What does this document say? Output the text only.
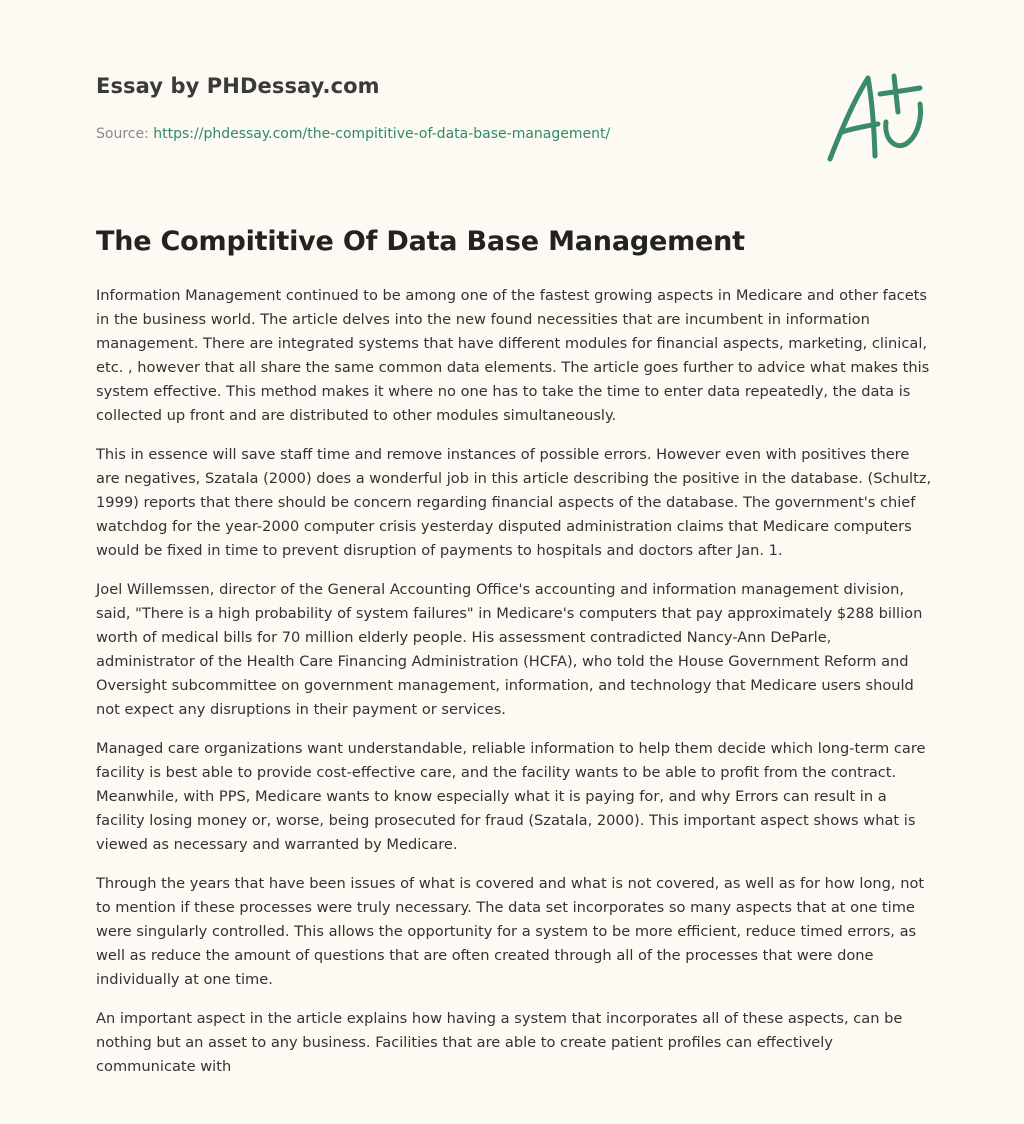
Essay by PHDessay.com
Source: https://phdessay.com/the-compititive-of-data-base-management/
The Compititive Of Data Base Management

Information Management continued to be among one of the fastest growing aspects in Medicare and other facets in the business world. The article delves into the new found necessities that are incumbent in information management. There are integrated systems that have different modules for financial aspects, marketing, clinical, etc. , however that all share the same common data elements. The article goes further to advice what makes this system effective. This method makes it where no one has to take the time to enter data repeatedly, the data is collected up front and are distributed to other modules simultaneously.

This in essence will save staff time and remove instances of possible errors. However even with positives there are negatives, Szatala (2000) does a wonderful job in this article describing the positive in the database. (Schultz, 1999) reports that there should be concern regarding financial aspects of the database. The government's chief watchdog for the year-2000 computer crisis yesterday disputed administration claims that Medicare computers would be fixed in time to prevent disruption of payments to hospitals and doctors after Jan. 1.

Joel Willemssen, director of the General Accounting Office's accounting and information management division, said, "There is a high probability of system failures" in Medicare's computers that pay approximately $288 billion worth of medical bills for 70 million elderly people. His assessment contradicted Nancy-Ann DeParle, administrator of the Health Care Financing Administration (HCFA), who told the House Government Reform and Oversight subcommittee on government management, information, and technology that Medicare users should not expect any disruptions in their payment or services.

Managed care organizations want understandable, reliable information to help them decide which long-term care facility is best able to provide cost-effective care, and the facility wants to be able to profit from the contract. Meanwhile, with PPS, Medicare wants to know especially what it is paying for, and why Errors can result in a facility losing money or, worse, being prosecuted for fraud (Szatala, 2000). This important aspect shows what is viewed as necessary and warranted by Medicare.

Through the years that have been issues of what is covered and what is not covered, as well as for how long, not to mention if these processes were truly necessary. The data set incorporates so many aspects that at one time were singularly controlled. This allows the opportunity for a system to be more efficient, reduce timed errors, as well as reduce the amount of questions that are often created through all of the processes that were done individually at one time.

An important aspect in the article explains how having a system that incorporates all of these aspects, can be nothing but an asset to any business. Facilities that are able to create patient profiles can effectively communicate with
